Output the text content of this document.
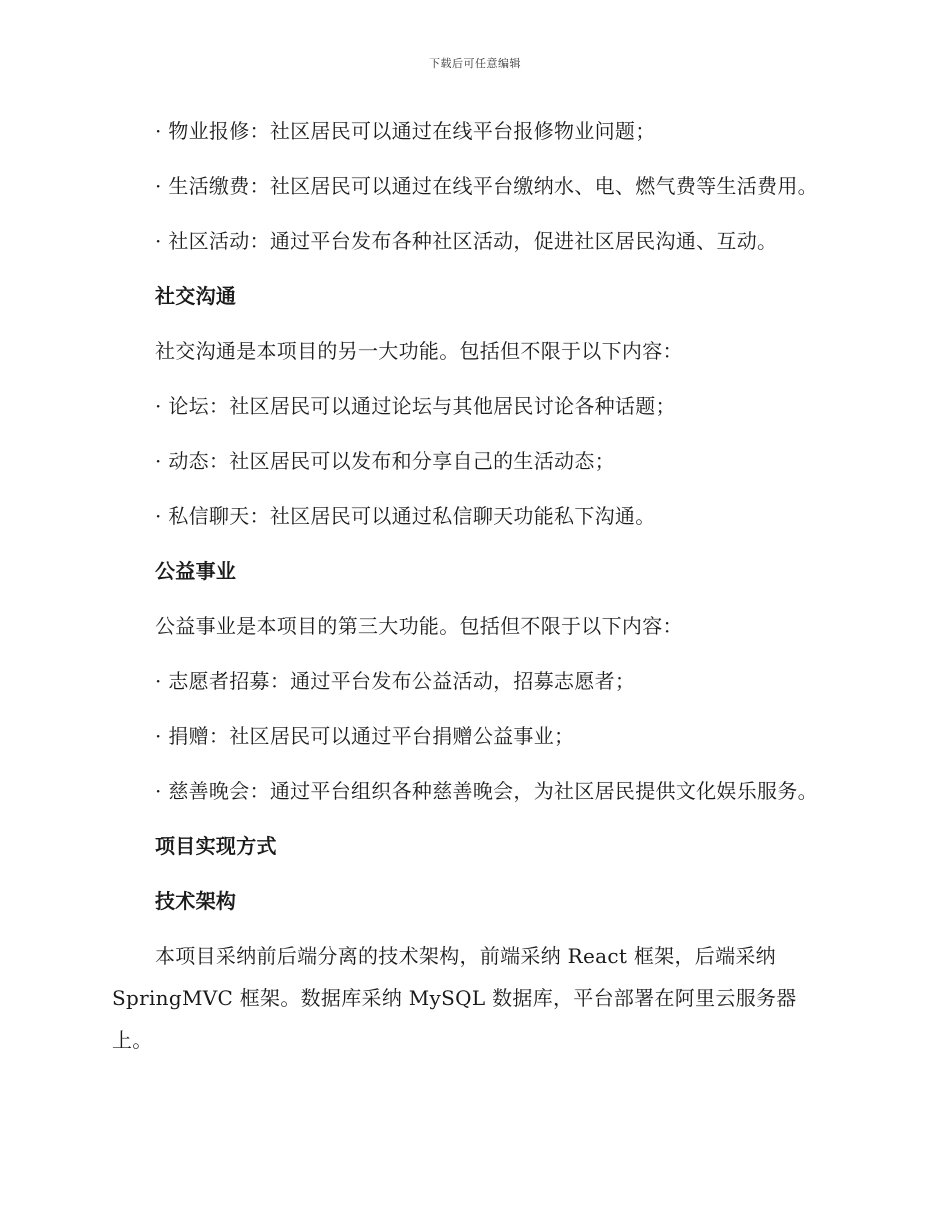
下载后可任意编辑

· 物业报修：社区居民可以通过在线平台报修物业问题；

· 生活缴费：社区居民可以通过在线平台缴纳水、电、燃气费等生活费用。

· 社区活动：通过平台发布各种社区活动，促进社区居民沟通、互动。

社交沟通

社交沟通是本项目的另一大功能。包括但不限于以下内容：

· 论坛：社区居民可以通过论坛与其他居民讨论各种话题；

· 动态：社区居民可以发布和分享自己的生活动态；

· 私信聊天：社区居民可以通过私信聊天功能私下沟通。

公益事业

公益事业是本项目的第三大功能。包括但不限于以下内容：

· 志愿者招募：通过平台发布公益活动，招募志愿者；

· 捐赠：社区居民可以通过平台捐赠公益事业；

· 慈善晚会：通过平台组织各种慈善晚会，为社区居民提供文化娱乐服务。

项目实现方式

技术架构

本项目采纳前后端分离的技术架构，前端采纳 React 框架，后端采纳 SpringMVC 框架。数据库采纳 MySQL 数据库，平台部署在阿里云服务器上。
